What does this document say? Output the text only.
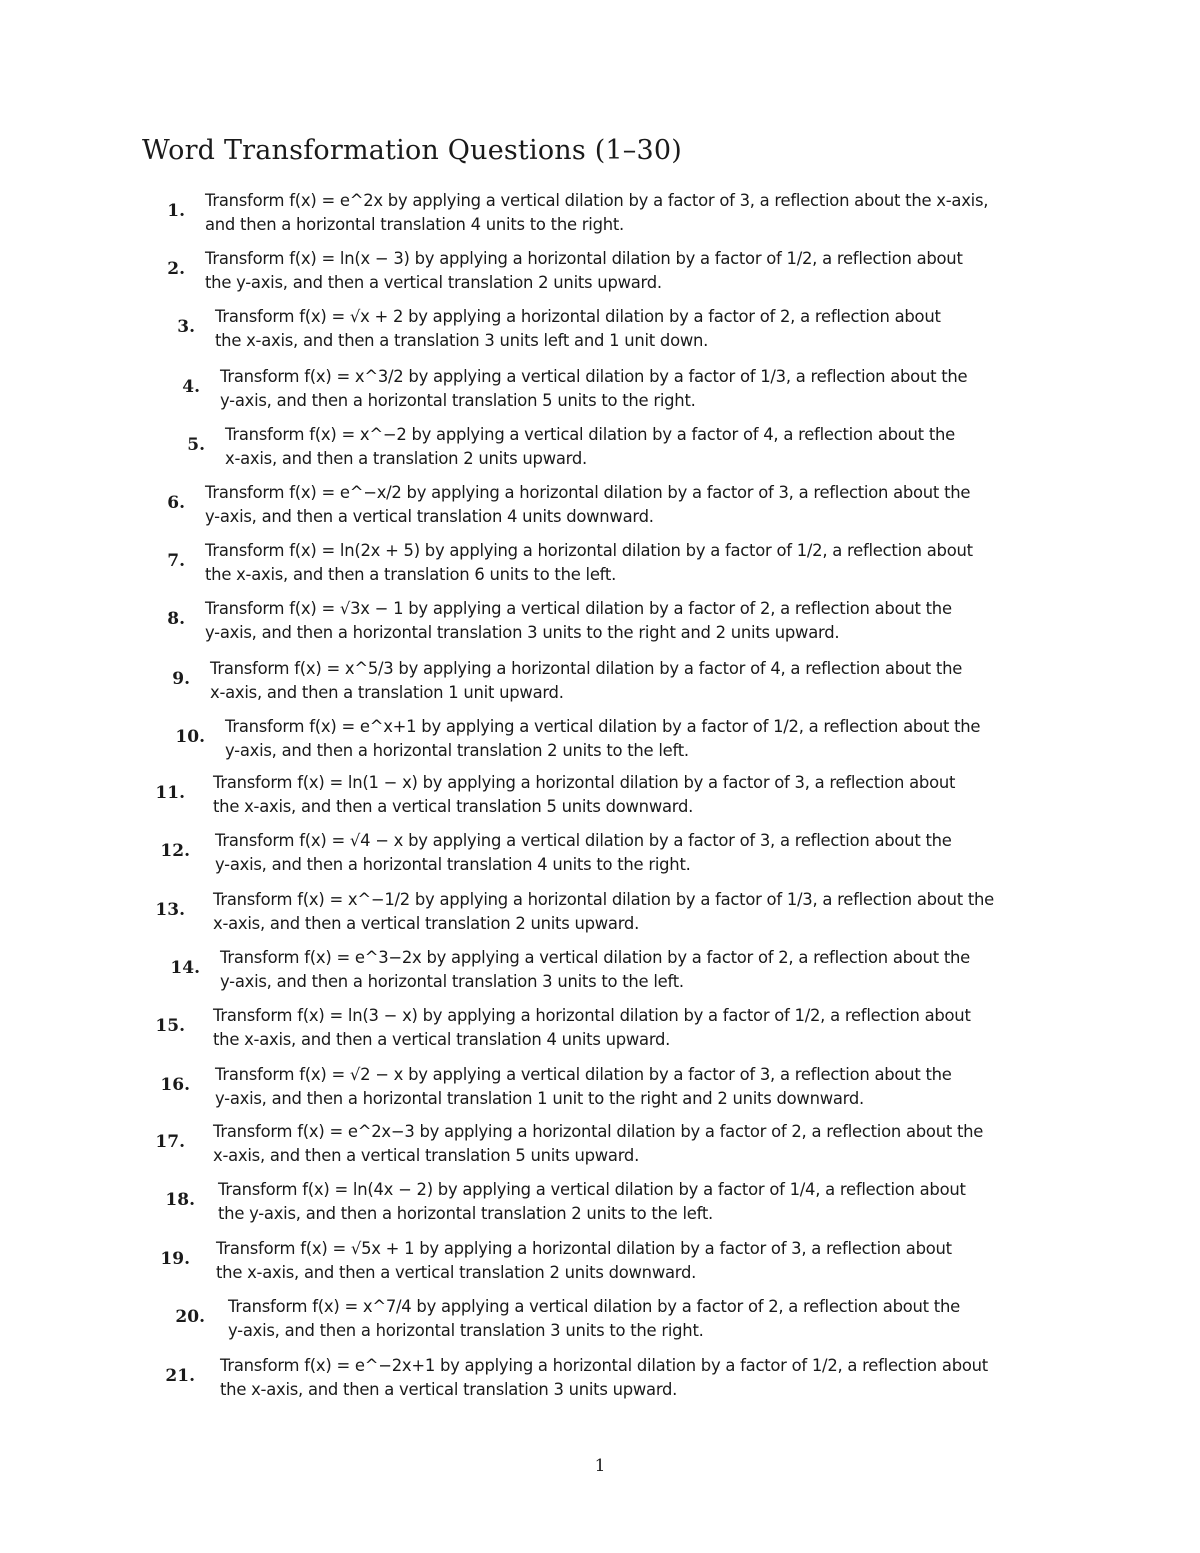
Word Transformation Questions (1–30)
1.
Transform f(x) = e^2x by applying a vertical dilation by a factor of 3, a reflection about the x-axis,
and then a horizontal translation 4 units to the right.
2.
Transform f(x) = ln(x − 3) by applying a horizontal dilation by a factor of 1/2, a reflection about
the y-axis, and then a vertical translation 2 units upward.
3.
Transform f(x) = √x + 2 by applying a horizontal dilation by a factor of 2, a reflection about
the x-axis, and then a translation 3 units left and 1 unit down.
4.
Transform f(x) = x^3/2 by applying a vertical dilation by a factor of 1/3, a reflection about the
y-axis, and then a horizontal translation 5 units to the right.
5.
Transform f(x) = x^−2 by applying a vertical dilation by a factor of 4, a reflection about the
x-axis, and then a translation 2 units upward.
6.
Transform f(x) = e^−x/2 by applying a horizontal dilation by a factor of 3, a reflection about the
y-axis, and then a vertical translation 4 units downward.
7.
Transform f(x) = ln(2x + 5) by applying a horizontal dilation by a factor of 1/2, a reflection about
the x-axis, and then a translation 6 units to the left.
8.
Transform f(x) = √3x − 1 by applying a vertical dilation by a factor of 2, a reflection about the
y-axis, and then a horizontal translation 3 units to the right and 2 units upward.
9.
Transform f(x) = x^5/3 by applying a horizontal dilation by a factor of 4, a reflection about the
x-axis, and then a translation 1 unit upward.
10.
Transform f(x) = e^x+1 by applying a vertical dilation by a factor of 1/2, a reflection about the
y-axis, and then a horizontal translation 2 units to the left.
11.
Transform f(x) = ln(1 − x) by applying a horizontal dilation by a factor of 3, a reflection about
the x-axis, and then a vertical translation 5 units downward.
12.
Transform f(x) = √4 − x by applying a vertical dilation by a factor of 3, a reflection about the
y-axis, and then a horizontal translation 4 units to the right.
13.
Transform f(x) = x^−1/2 by applying a horizontal dilation by a factor of 1/3, a reflection about the
x-axis, and then a vertical translation 2 units upward.
14.
Transform f(x) = e^3−2x by applying a vertical dilation by a factor of 2, a reflection about the
y-axis, and then a horizontal translation 3 units to the left.
15.
Transform f(x) = ln(3 − x) by applying a horizontal dilation by a factor of 1/2, a reflection about
the x-axis, and then a vertical translation 4 units upward.
16.
Transform f(x) = √2 − x by applying a vertical dilation by a factor of 3, a reflection about the
y-axis, and then a horizontal translation 1 unit to the right and 2 units downward.
17.
Transform f(x) = e^2x−3 by applying a horizontal dilation by a factor of 2, a reflection about the
x-axis, and then a vertical translation 5 units upward.
18.
Transform f(x) = ln(4x − 2) by applying a vertical dilation by a factor of 1/4, a reflection about
the y-axis, and then a horizontal translation 2 units to the left.
19.
Transform f(x) = √5x + 1 by applying a horizontal dilation by a factor of 3, a reflection about
the x-axis, and then a vertical translation 2 units downward.
20.
Transform f(x) = x^7/4 by applying a vertical dilation by a factor of 2, a reflection about the
y-axis, and then a horizontal translation 3 units to the right.
21.
Transform f(x) = e^−2x+1 by applying a horizontal dilation by a factor of 1/2, a reflection about
the x-axis, and then a vertical translation 3 units upward.
1
